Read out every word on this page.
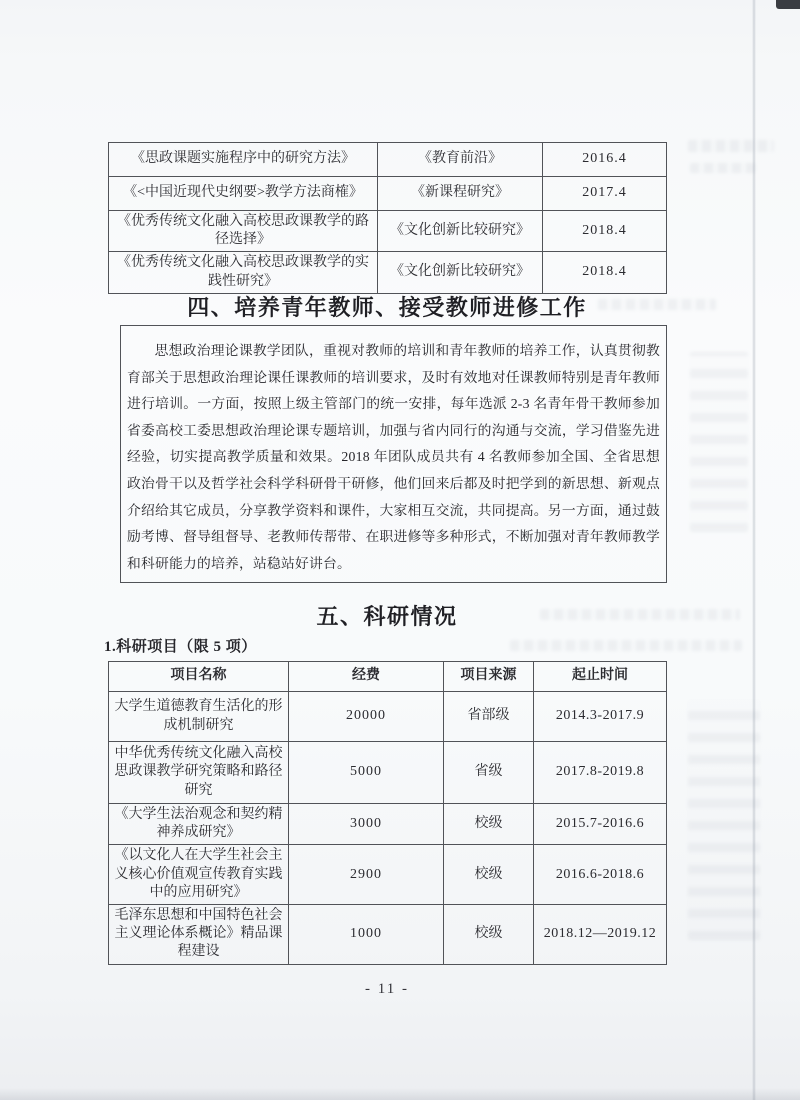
《思政课题实施程序中的研究方法》	《教育前沿》	2016.4
《<中国近现代史纲要>教学方法商榷》	《新课程研究》	2017.4
《优秀传统文化融入高校思政课教学的路径选择》	《文化创新比较研究》	2018.4
《优秀传统文化融入高校思政课教学的实践性研究》	《文化创新比较研究》	2018.4
四、培养青年教师、接受教师进修工作

思想政治理论课教学团队，重视对教师的培训和青年教师的培养工作，认真贯彻教育部关于思想政治理论课任课教师的培训要求，及时有效地对任课教师特别是青年教师进行培训。一方面，按照上级主管部门的统一安排，每年选派 2-3 名青年骨干教师参加省委高校工委思想政治理论课专题培训，加强与省内同行的沟通与交流，学习借鉴先进经验，切实提高教学质量和效果。2018 年团队成员共有 4 名教师参加全国、全省思想政治骨干以及哲学社会科学科研骨干研修，他们回来后都及时把学到的新思想、新观点介绍给其它成员，分享教学资料和课件，大家相互交流，共同提高。另一方面，通过鼓励考博、督导组督导、老教师传帮带、在职进修等多种形式，不断加强对青年教师教学和科研能力的培养，站稳站好讲台。

五、科研情况
1.科研项目（限 5 项）
项目名称	经费	项目来源	起止时间
大学生道德教育生活化的形成机制研究	20000	省部级	2014.3-2017.9
中华优秀传统文化融入高校思政课教学研究策略和路径研究	5000	省级	2017.8-2019.8
《大学生法治观念和契约精神养成研究》	3000	校级	2015.7-2016.6
《以文化人在大学生社会主义核心价值观宣传教育实践中的应用研究》	2900	校级	2016.6-2018.6
毛泽东思想和中国特色社会主义理论体系概论》精品课程建设	1000	校级	2018.12—2019.12
- 11 -
